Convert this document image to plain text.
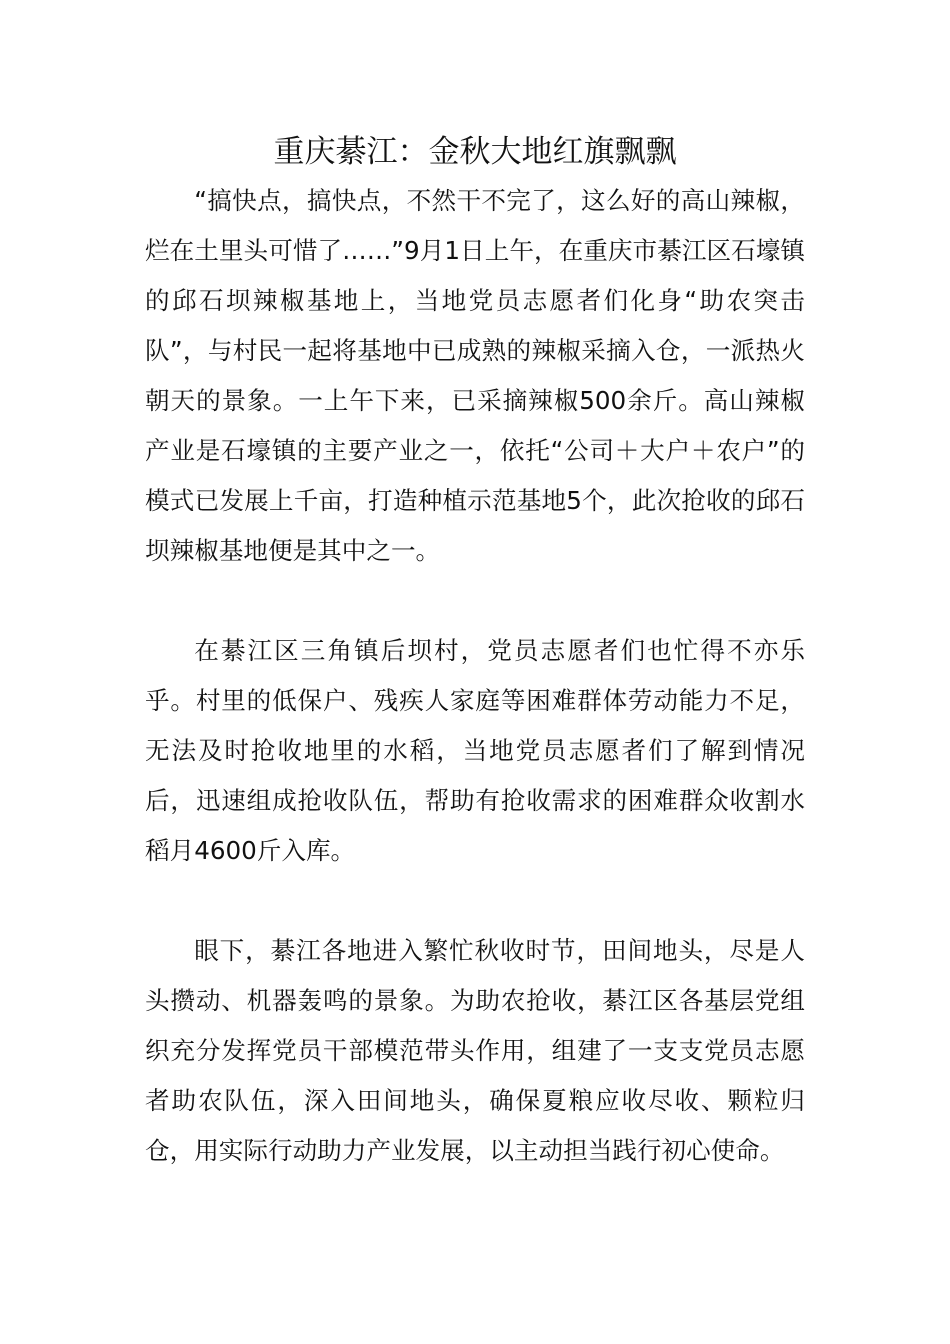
重庆綦江：金秋大地红旗飘飘

“搞快点，搞快点，不然干不完了，这么好的高山辣椒，烂在土里头可惜了……”9月1日上午，在重庆市綦江区石壕镇的邱石坝辣椒基地上，当地党员志愿者们化身“助农突击队”，与村民一起将基地中已成熟的辣椒采摘入仓，一派热火朝天的景象。一上午下来，已采摘辣椒500余斤。高山辣椒产业是石壕镇的主要产业之一，依托“公司＋大户＋农户”的模式已发展上千亩，打造种植示范基地5个，此次抢收的邱石坝辣椒基地便是其中之一。

在綦江区三角镇后坝村，党员志愿者们也忙得不亦乐乎。村里的低保户、残疾人家庭等困难群体劳动能力不足，无法及时抢收地里的水稻，当地党员志愿者们了解到情况后，迅速组成抢收队伍，帮助有抢收需求的困难群众收割水稻月4600斤入库。

眼下，綦江各地进入繁忙秋收时节，田间地头，尽是人头攒动、机器轰鸣的景象。为助农抢收，綦江区各基层党组织充分发挥党员干部模范带头作用，组建了一支支党员志愿者助农队伍，深入田间地头，确保夏粮应收尽收、颗粒归仓，用实际行动助力产业发展，以主动担当践行初心使命。
